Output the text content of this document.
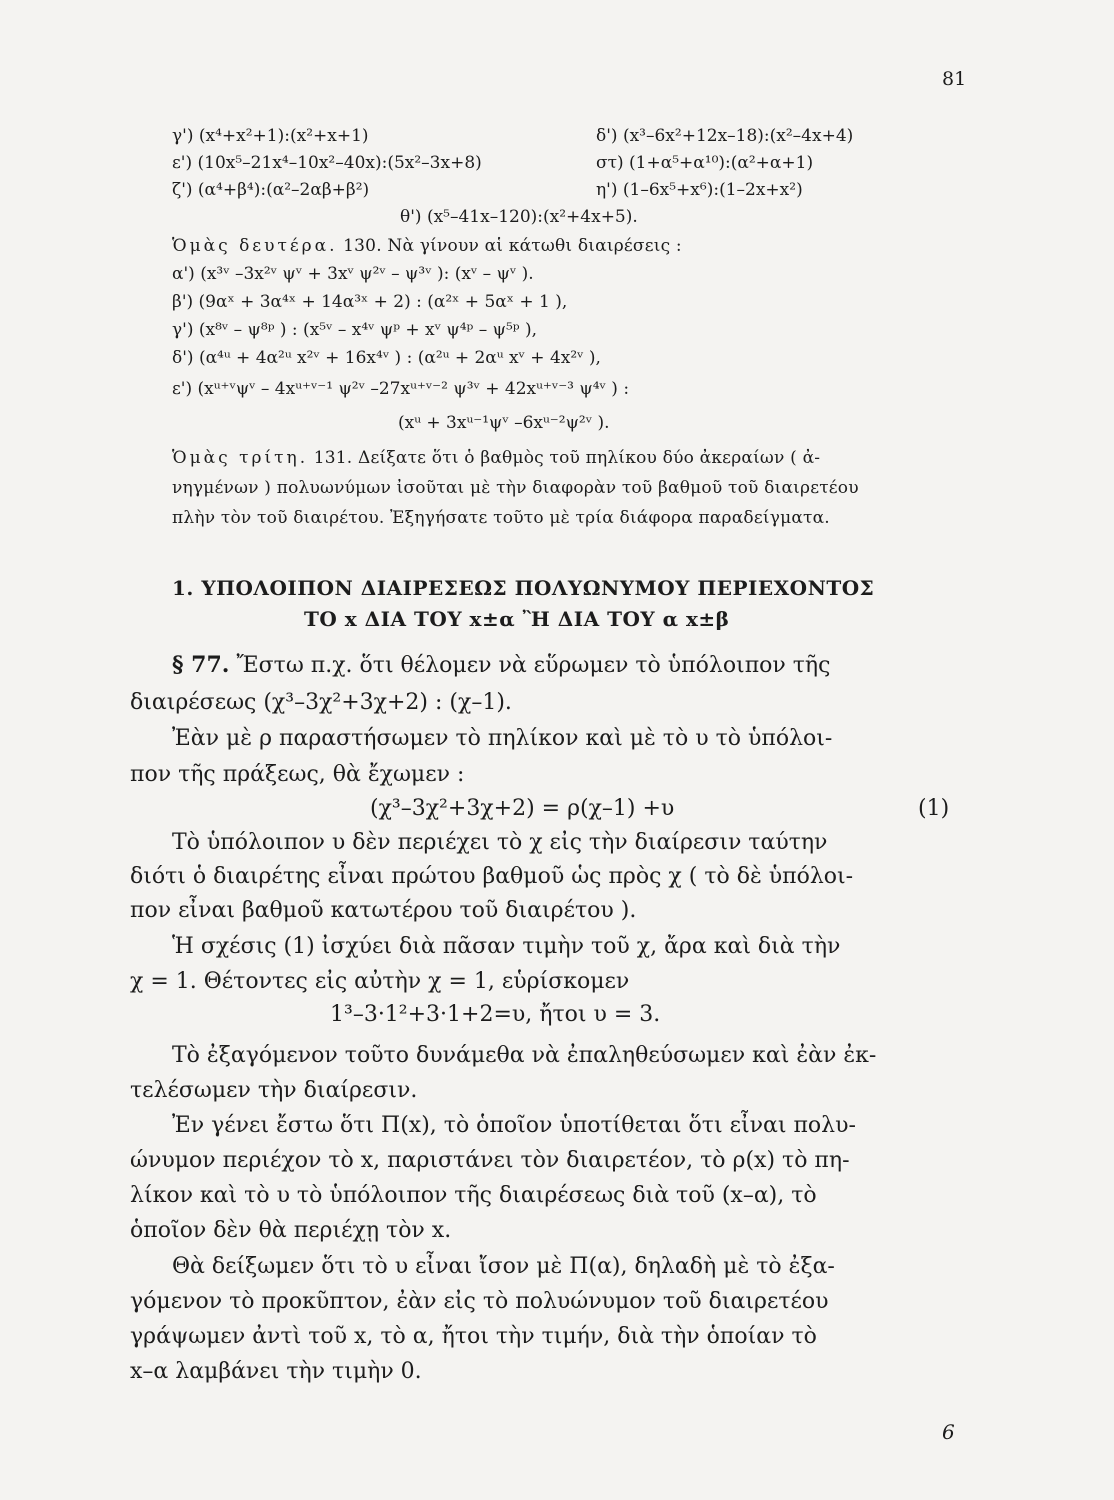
81
γ') (x⁴+x²+1):(x²+x+1)	δ') (x³–6x²+12x–18):(x²–4x+4)
ε') (10x⁵–21x⁴–10x²–40x):(5x²–3x+8)	στ) (1+α⁵+α¹⁰):(α²+α+1)
ζ') (α⁴+β⁴):(α²–2αβ+β²)	η') (1–6x⁵+x⁶):(1–2x+x²)
θ') (x⁵–41x–120):(x²+4x+5).
Ὁμὰς δευτέρα. 130. Νὰ γίνουν αἱ κάτωθι διαιρέσεις :
α') (x³ᵛ –3x²ᵛ ψᵛ + 3xᵛ ψ²ᵛ – ψ³ᵛ ): (xᵛ – ψᵛ ).
β') (9αˣ + 3α⁴ˣ + 14α³ˣ + 2) : (α²ˣ + 5αˣ + 1 ),
γ') (x⁸ᵛ – ψ⁸ᵖ ) : (x⁵ᵛ – x⁴ᵛ ψᵖ + xᵛ ψ⁴ᵖ – ψ⁵ᵖ ),
δ') (α⁴ᵘ + 4α²ᵘ x²ᵛ + 16x⁴ᵛ ) : (α²ᵘ + 2αᵘ xᵛ + 4x²ᵛ ),
ε') (xᵘ⁺ᵛψᵛ – 4xᵘ⁺ᵛ⁻¹ ψ²ᵛ –27xᵘ⁺ᵛ⁻² ψ³ᵛ + 42xᵘ⁺ᵛ⁻³ ψ⁴ᵛ ) :
(xᵘ + 3xᵘ⁻¹ψᵛ –6xᵘ⁻²ψ²ᵛ ).
Ὁμὰς τρίτη. 131. Δείξατε ὅτι ὁ βαθμὸς τοῦ πηλίκου δύο ἀκεραίων ( ἀ-
νηγμένων ) πολυωνύμων ἰσοῦται μὲ τὴν διαφορὰν τοῦ βαθμοῦ τοῦ διαιρετέου
πλὴν τὸν τοῦ διαιρέτου. Ἐξηγήσατε τοῦτο μὲ τρία διάφορα παραδείγματα.
1. ΥΠΟΛΟΙΠΟΝ ΔΙΑΙΡΕΣΕΩΣ ΠΟΛΥΩΝΥΜΟΥ ΠΕΡΙΕΧΟΝΤΟΣ
ΤΟ x ΔΙΑ ΤΟΥ x±α Ἢ ΔΙΑ ΤΟΥ α x±β
§ 77. Ἔστω π.χ. ὅτι θέλομεν νὰ εὕρωμεν τὸ ὑπόλοιπον τῆς
διαιρέσεως (χ³–3χ²+3χ+2) : (χ–1).
Ἐὰν μὲ ρ παραστήσωμεν τὸ πηλίκον καὶ μὲ τὸ υ τὸ ὑπόλοι-
πον τῆς πράξεως, θὰ ἔχωμεν :
(χ³–3χ²+3χ+2) = ρ(χ–1) +υ	(1)
Τὸ ὑπόλοιπον υ δὲν περιέχει τὸ χ εἰς τὴν διαίρεσιν ταύτην
διότι ὁ διαιρέτης εἶναι πρώτου βαθμοῦ ὡς πρὸς χ ( τὸ δὲ ὑπόλοι-
πον εἶναι βαθμοῦ κατωτέρου τοῦ διαιρέτου ).
Ἡ σχέσις (1) ἰσχύει διὰ πᾶσαν τιμὴν τοῦ χ, ἄρα καὶ διὰ τὴν
χ = 1. Θέτοντες εἰς αὐτὴν χ = 1, εὑρίσκομεν
1³–3·1²+3·1+2=υ, ἤτοι υ = 3.
Τὸ ἐξαγόμενον τοῦτο δυνάμεθα νὰ ἐπαληθεύσωμεν καὶ ἐὰν ἐκ-
τελέσωμεν τὴν διαίρεσιν.
Ἐν γένει ἔστω ὅτι Π(x), τὸ ὁποῖον ὑποτίθεται ὅτι εἶναι πολυ-
ώνυμον περιέχον τὸ x, παριστάνει τὸν διαιρετέον, τὸ ρ(x) τὸ πη-
λίκον καὶ τὸ υ τὸ ὑπόλοιπον τῆς διαιρέσεως διὰ τοῦ (x–α), τὸ
ὁποῖον δὲν θὰ περιέχῃ τὸν x.
Θὰ δείξωμεν ὅτι τὸ υ εἶναι ἴσον μὲ Π(α), δηλαδὴ μὲ τὸ ἐξα-
γόμενον τὸ προκῦπτον, ἐὰν εἰς τὸ πολυώνυμον τοῦ διαιρετέου
γράψωμεν ἀντὶ τοῦ x, τὸ α, ἤτοι τὴν τιμήν, διὰ τὴν ὁποίαν τὸ
x–α λαμβάνει τὴν τιμὴν 0.
6
